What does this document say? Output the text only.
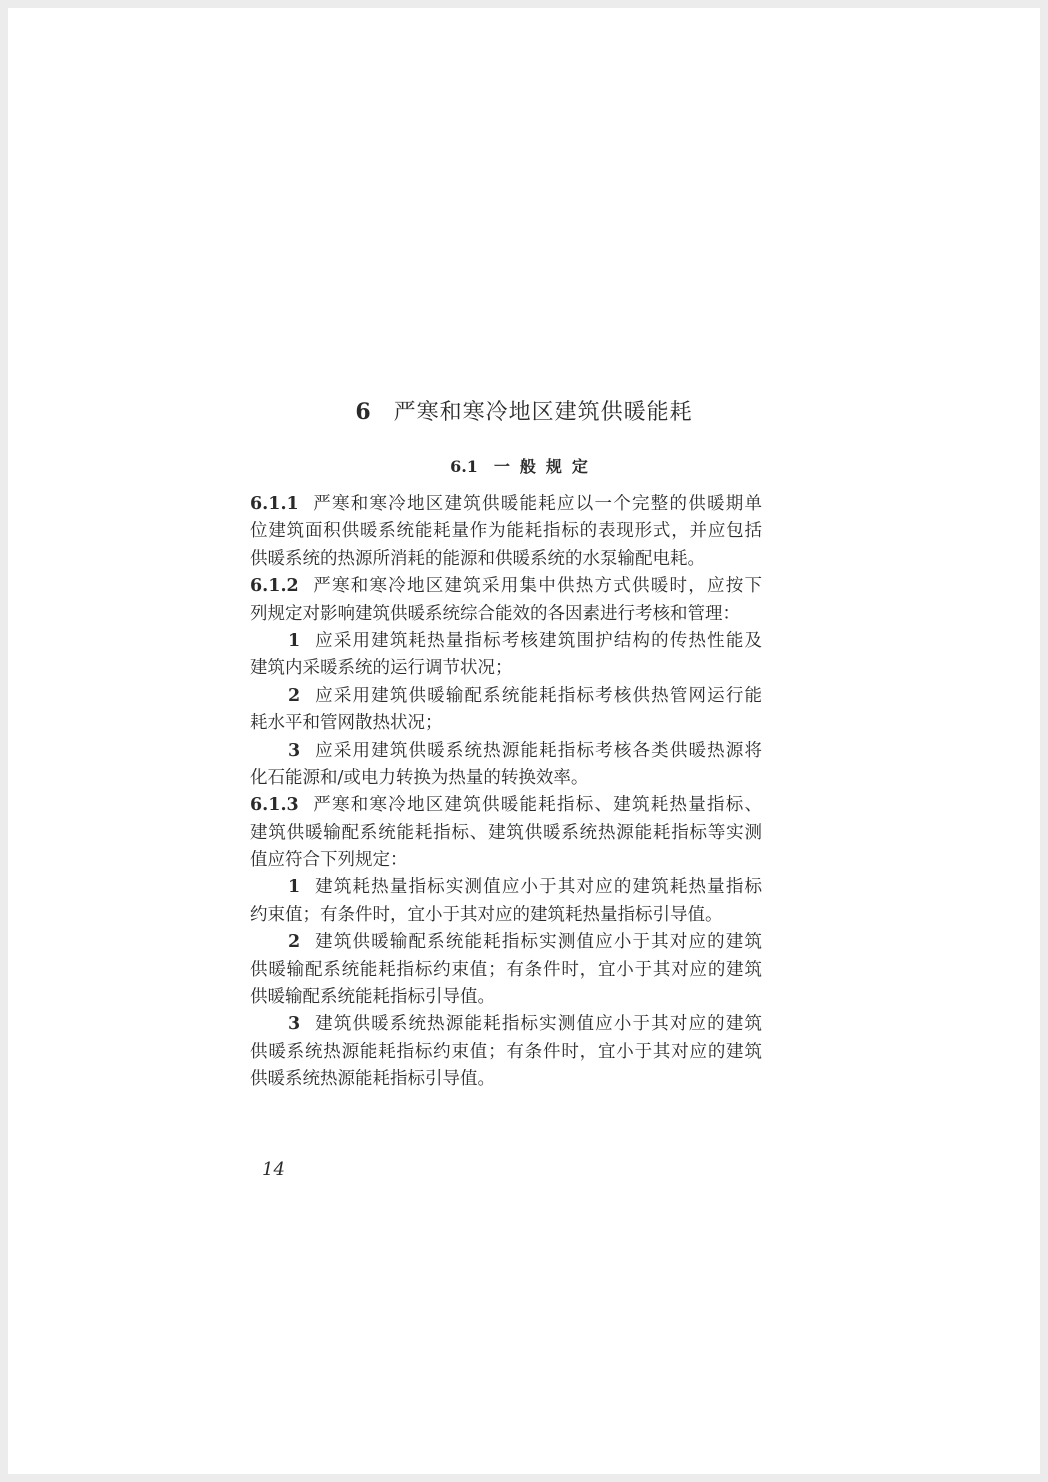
6 严寒和寒冷地区建筑供暖能耗
6.1 一般规定
6.1.1 严寒和寒冷地区建筑供暖能耗应以一个完整的供暖期单
位建筑面积供暖系统能耗量作为能耗指标的表现形式，并应包括
供暖系统的热源所消耗的能源和供暖系统的水泵输配电耗。
6.1.2 严寒和寒冷地区建筑采用集中供热方式供暖时，应按下
列规定对影响建筑供暖系统综合能效的各因素进行考核和管理：
1 应采用建筑耗热量指标考核建筑围护结构的传热性能及
建筑内采暖系统的运行调节状况；
2 应采用建筑供暖输配系统能耗指标考核供热管网运行能
耗水平和管网散热状况；
3 应采用建筑供暖系统热源能耗指标考核各类供暖热源将
化石能源和/或电力转换为热量的转换效率。
6.1.3 严寒和寒冷地区建筑供暖能耗指标、建筑耗热量指标、
建筑供暖输配系统能耗指标、建筑供暖系统热源能耗指标等实测
值应符合下列规定：
1 建筑耗热量指标实测值应小于其对应的建筑耗热量指标
约束值；有条件时，宜小于其对应的建筑耗热量指标引导值。
2 建筑供暖输配系统能耗指标实测值应小于其对应的建筑
供暖输配系统能耗指标约束值；有条件时，宜小于其对应的建筑
供暖输配系统能耗指标引导值。
3 建筑供暖系统热源能耗指标实测值应小于其对应的建筑
供暖系统热源能耗指标约束值；有条件时，宜小于其对应的建筑
供暖系统热源能耗指标引导值。
14
